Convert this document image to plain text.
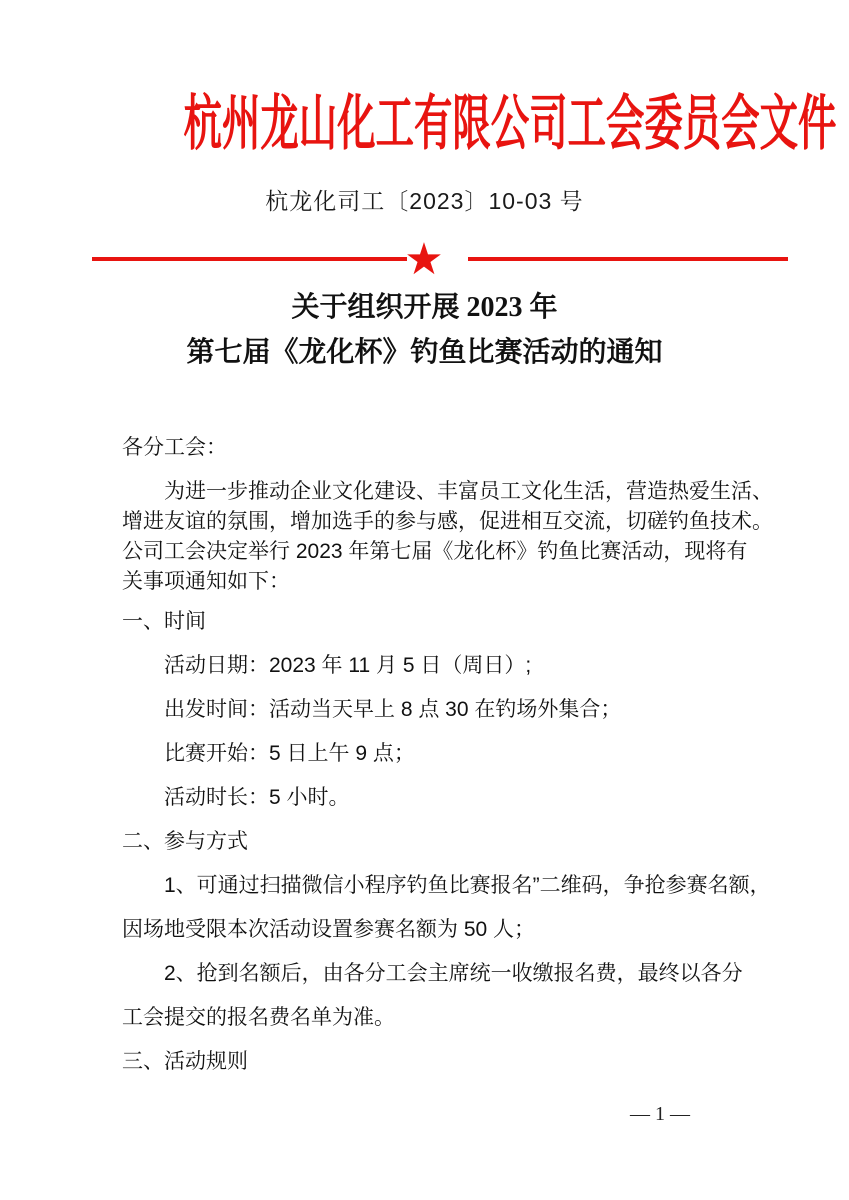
杭州龙山化工有限公司工会委员会文件
杭龙化司工〔2023〕10-03 号
★
关于组织开展 2023 年
第七届《龙化杯》钓鱼比赛活动的通知
各分工会：
为进一步推动企业文化建设、丰富员工文化生活，营造热爱生活、
增进友谊的氛围，增加选手的参与感，促进相互交流，切磋钓鱼技术。
公司工会决定举行 2023 年第七届《龙化杯》钓鱼比赛活动，现将有
关事项通知如下：
一、时间
活动日期：2023 年 11 月 5 日（周日）;
出发时间：活动当天早上 8 点 30 在钓场外集合；
比赛开始：5 日上午 9 点；
活动时长：5 小时。
二、参与方式
1、可通过扫描微信小程序钓鱼比赛报名”二维码，争抢参赛名额，
因场地受限本次活动设置参赛名额为 50 人；
2、抢到名额后，由各分工会主席统一收缴报名费，最终以各分
工会提交的报名费名单为准。
三、活动规则
— 1 —
